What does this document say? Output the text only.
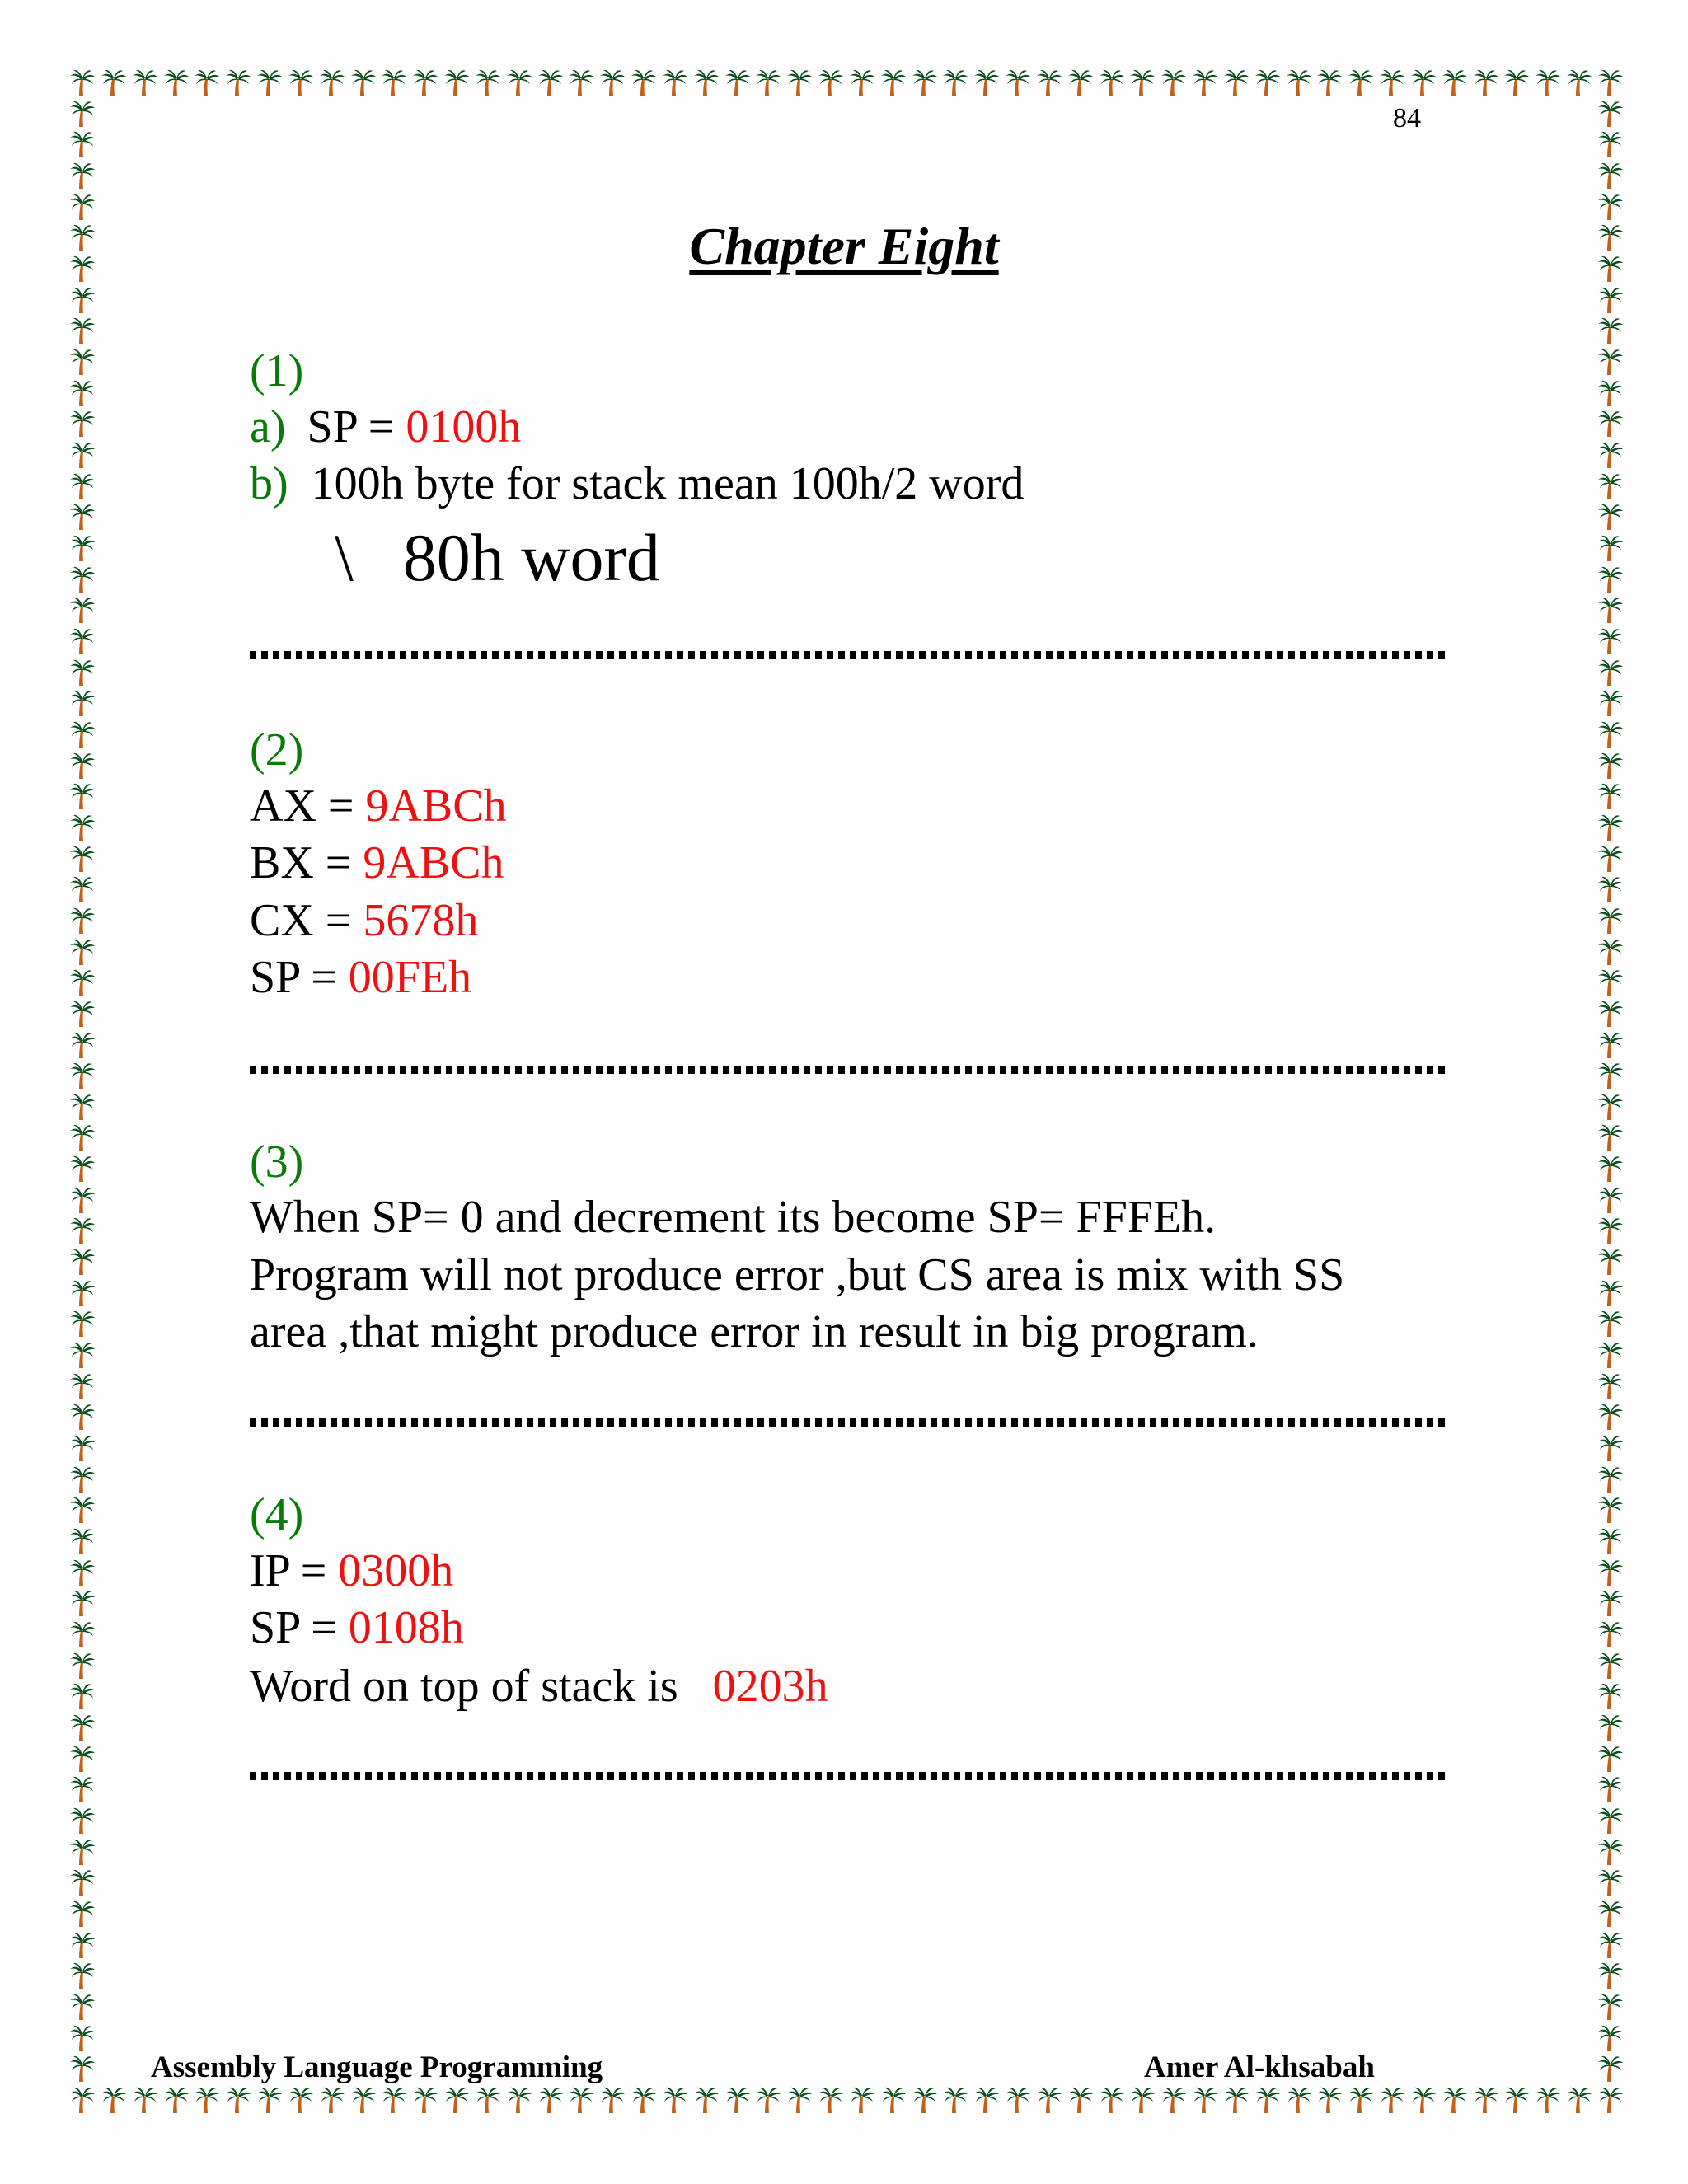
84
Chapter Eight
(1)
a) SP = 0100h
b) 100h byte for stack mean 100h/2 word
\ 80h word
(2)
AX = 9ABCh
BX = 9ABCh
CX = 5678h
SP = 00FEh
(3)
When SP= 0 and decrement its become SP= FFFEh.
Program will not produce error ,but CS area is mix with SS
area ,that might produce error in result in big program.
(4)
IP = 0300h
SP = 0108h
Word on top of stack is   0203h
Assembly Language Programming	Amer Al-khsabah
